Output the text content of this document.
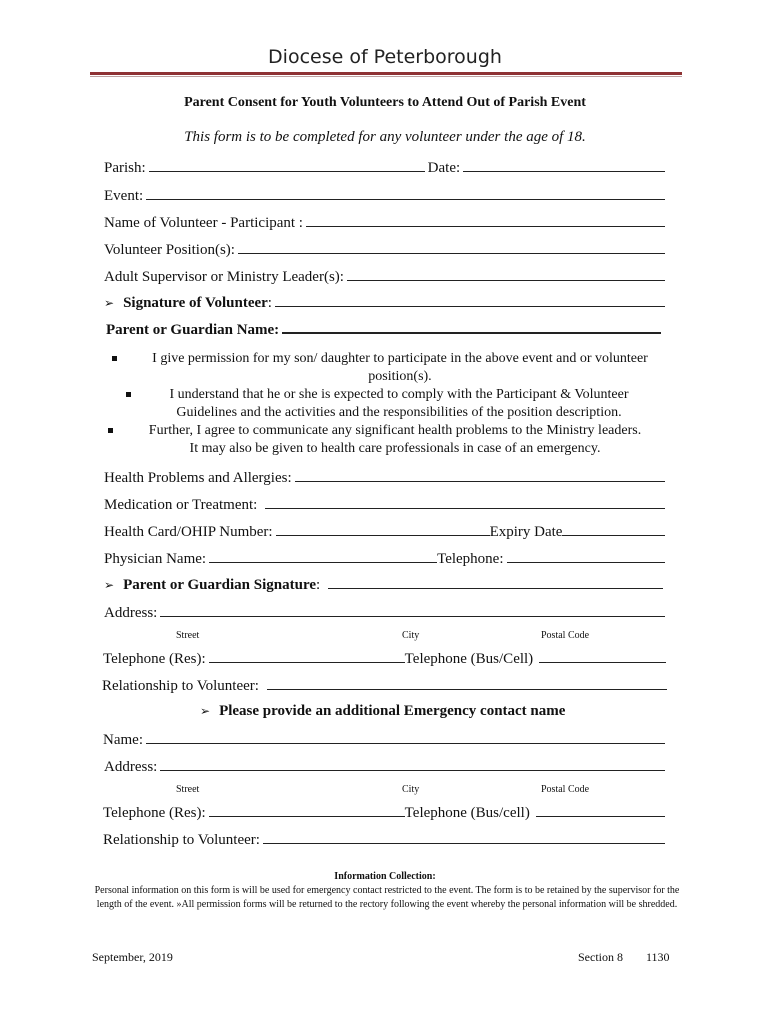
Diocese of Peterborough
Parent Consent for Youth Volunteers to Attend Out of Parish Event
This form is to be completed for any volunteer under the age of 18.
Parish:	Date:
Event:
Name of Volunteer - Participant :
Volunteer Position(s):
Adult Supervisor or Ministry Leader(s):
➢ Signature of Volunteer :
Parent or Guardian Name:
I give permission for my son/ daughter to participate in the above event and or volunteer
position(s).
I understand that he or she is expected to comply with the Participant & Volunteer
Guidelines and the activities and the responsibilities of the position description.
Further, I agree to communicate any significant health problems to the Ministry leaders.
It may also be given to health care professionals in case of an emergency.
Health Problems and Allergies:
Medication or Treatment:
Health Card/OHIP Number:	Expiry Date
Physician Name:	Telephone:
➢ Parent or Guardian Signature :
Address:
Street	City	Postal Code
Telephone (Res):	Telephone (Bus/Cell)
Relationship to Volunteer:
➢ Please provide an additional Emergency contact name
Name:
Address:
Street	City	Postal Code
Telephone (Res):	Telephone (Bus/cell)
Relationship to Volunteer:
Information Collection:
Personal information on this form is will be used for emergency contact restricted to the event. The form is to be retained by the supervisor for the length of the event. »All permission forms will be returned to the rectory following the event whereby the personal information will be shredded.
September, 2019	Section 8 1130
